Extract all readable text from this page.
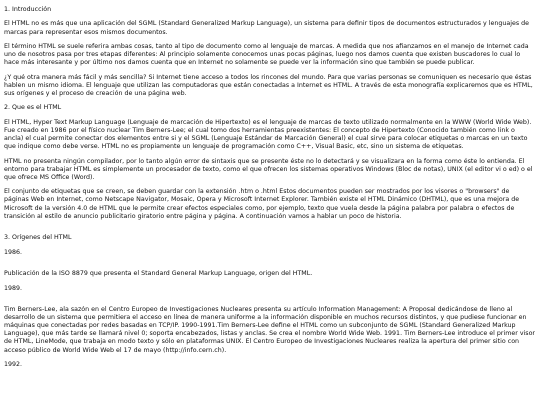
1. Introducción

El HTML no es más que una aplicación del SGML (Standard Generalized Markup Language), un sistema para definir tipos de documentos estructurados y lenguajes de marcas para representar esos mismos documentos.

El término HTML se suele referira ambas cosas, tanto al tipo de documento como al lenguaje de marcas. A medida que nos afianzamos en el manejo de Internet cada uno de nosotros pasa por tres etapas diferentes: Al principio solamente conocemos unas pocas páginas, luego nos damos cuenta que existen buscadores lo cual lo hace más interesante y por último nos damos cuenta que en Internet no solamente se puede ver la información sino que también se puede publicar.

¿Y qué otra manera más fácil y más sencilla? Si Internet tiene acceso a todos los rincones del mundo. Para que varias personas se comuniquen es necesario que éstas hablen un mismo idioma. El lenguaje que utilizan las computadoras que están conectadas a Internet es HTML. A través de esta monografía explicaremos que es HTML, sus orígenes y el proceso de creación de una página web.

2. Que es el HTML

El HTML, Hyper Text Markup Language (Lenguaje de marcación de Hipertexto) es el lenguaje de marcas de texto utilizado normalmente en la WWW (World Wide Web). Fue creado en 1986 por el físico nuclear Tim Berners-Lee; el cual tomo dos herramientas preexistentes: El concepto de Hipertexto (Conocido también como link o ancla) el cual permite conectar dos elementos entre si y el SGML (Lenguaje Estándar de Marcación General) el cual sirve para colocar etiquetas o marcas en un texto que indique como debe verse. HTML no es propiamente un lenguaje de programación como C++, Visual Basic, etc, sino un sistema de etiquetas.

HTML no presenta ningún compilador, por lo tanto algún error de sintaxis que se presente éste no lo detectará y se visualizara en la forma como éste lo entienda. El entorno para trabajar HTML es simplemente un procesador de texto, como el que ofrecen los sistemas operativos Windows (Bloc de notas), UNIX (el editor vi o ed) o el que ofrece MS Office (Word).

El conjunto de etiquetas que se creen, se deben guardar con la extensión .htm o .html Estos documentos pueden ser mostrados por los visores o "browsers" de páginas Web en Internet, como Netscape Navigator, Mosaic, Opera y Microsoft Internet Explorer. También existe el HTML Dinámico (DHTML), que es una mejora de Microsoft de la versión 4.0 de HTML que le permite crear efectos especiales como, por ejemplo, texto que vuela desde la página palabra por palabra o efectos de transición al estilo de anuncio publicitario giratorio entre página y página. A continuación vamos a hablar un poco de historia.

3. Orígenes del HTML

1986.

Publicación de la ISO 8879 que presenta el Standard General Markup Language, origen del HTML.

1989.

Tim Berners-Lee, ala sazón en el Centro Europeo de Investigaciones Nucleares presenta su artículo Information Management: A Proposal dedicándose de lleno al desarrollo de un sistema que permitiera el acceso en línea de manera uniforme a la información disponible en muchos recursos distintos, y que pudiese funcionar en máquinas que conectadas por redes basadas en TCP/IP. 1990-1991.Tim Berners-Lee define el HTML como un subconjunto de SGML (Standard Generalized Markup Language), que más tarde se llamará nivel 0; soporta encabezados, listas y anclas. Se crea el nombre World Wide Web. 1991. Tim Berners-Lee introduce el primer visor de HTML, LineMode, que trabaja en modo texto y sólo en plataformas UNIX. El Centro Europeo de Investigaciones Nucleares realiza la apertura del primer sitio con acceso público de World Wide Web el 17 de mayo (http://info.cern.ch).

1992.
